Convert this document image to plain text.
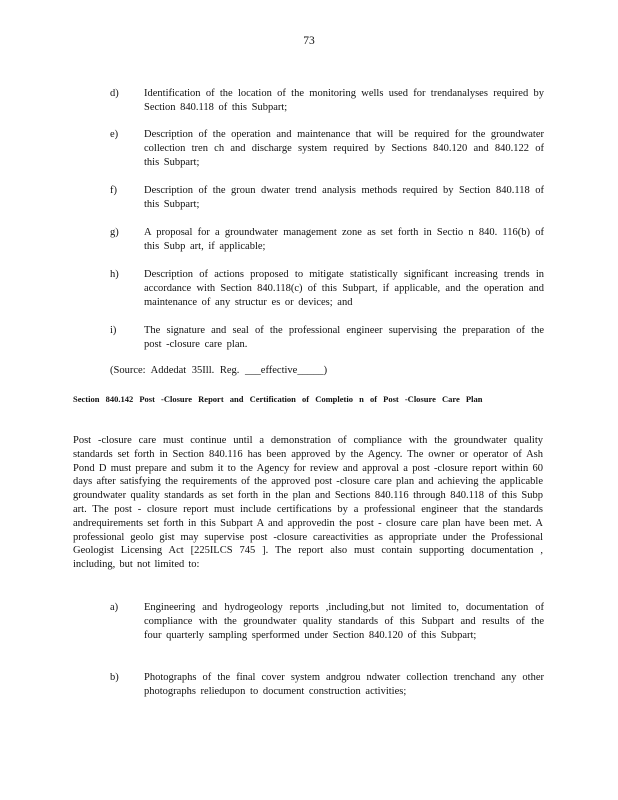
73
d) Identification of the location of the monitoring wells used for trendanalyses required by Section 840.118 of this Subpart;
e) Description of the operation and maintenance that will be required for the groundwater collection tren ch and discharge system required by Sections 840.120 and 840.122 of this Subpart;
f)	Description of the groun dwater trend analysis methods required by Section 840.118 of this Subpart;
g) A proposal for a groundwater management zone as set forth in Sectio n 840. 116(b) of this Subp art, if applicable;
h) Description of actions proposed to mitigate statistically significant increasing trends in accordance with Section 840.118(c) of this Subpart, if applicable, and the operation and maintenance of any structur es or devices; and
i)	The signature and seal of the professional engineer supervising the preparation of the post -closure care plan.
(Source: Addedat 35Ill. Reg. ___effective_____)
Section 840.142 Post -Closure Report and Certification of Completio n of Post -Closure Care Plan
Post -closure care must continue until a demonstration of compliance with the groundwater quality standards set forth in Section 840.116 has been approved by the Agency. The owner or operator of Ash Pond D must prepare and subm it to the Agency for review and approval a post -closure report within 60 days after satisfying the requirements of the approved post -closure care plan and achieving the applicable groundwater quality standards as set forth in the plan and Sections 840.116 through 840.118 of this Subp art. The post - closure report must include certifications by a professional engineer that the standards andrequirements set forth in this Subpart A and approvedin the post - closure care plan have been met. A professional geolo gist may supervise post -closure careactivities as appropriate under the Professional Geologist Licensing Act [225ILCS 745 ]. The report also must contain supporting documentation , including, but not limited to:
a) Engineering and hydrogeology reports ,including,but not limited to, documentation of compliance with the groundwater quality standards of this Subpart and results of the four quarterly sampling sperformed under Section 840.120 of this Subpart;
b) Photographs of the final cover system andgrou ndwater collection trenchand any other photographs reliedupon to document construction activities;
